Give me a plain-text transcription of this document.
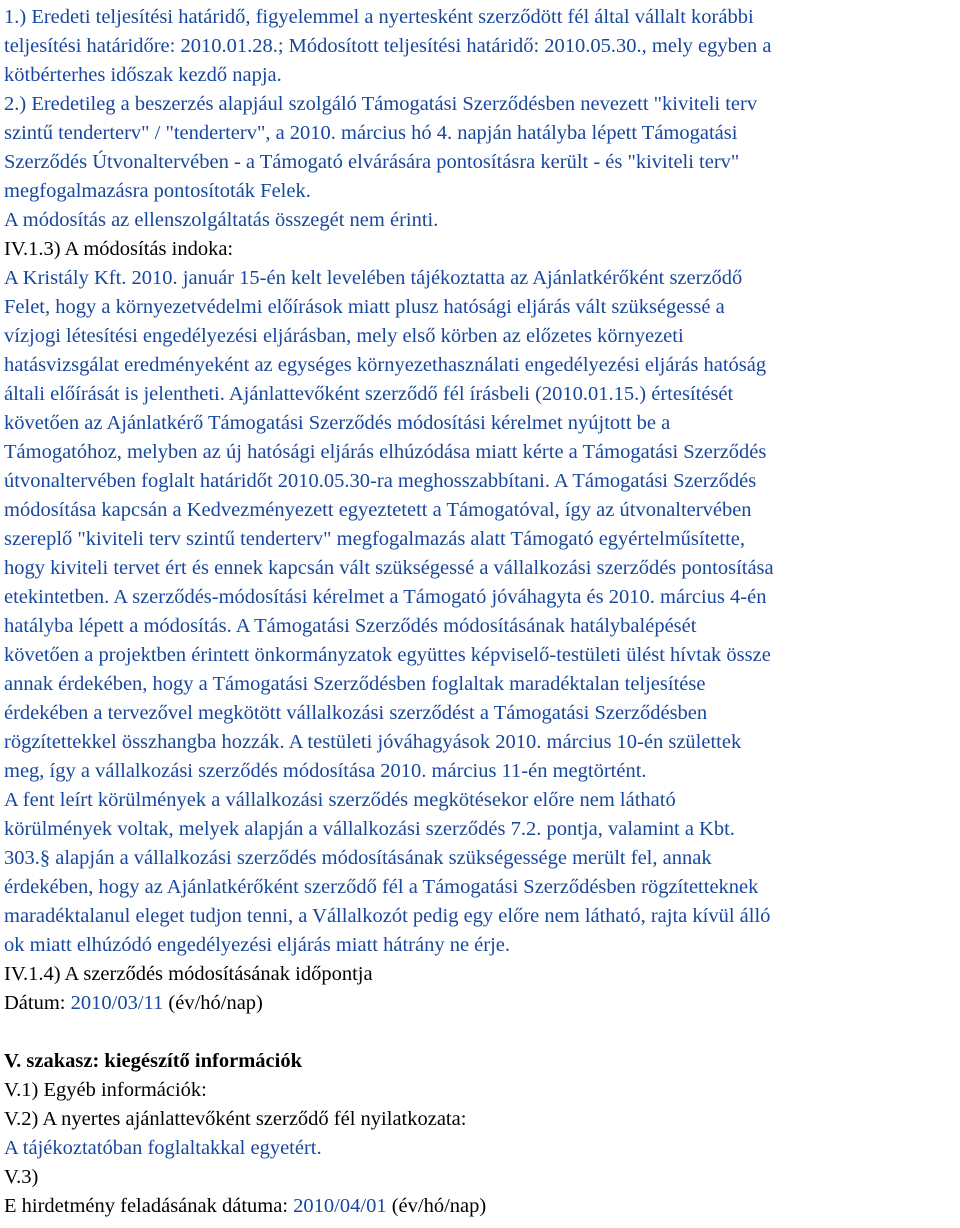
1.) Eredeti teljesítési határidő, figyelemmel a nyertesként szerződött fél által vállalt korábbi
teljesítési határidőre: 2010.01.28.; Módosított teljesítési határidő: 2010.05.30., mely egyben a
kötbérterhes időszak kezdő napja.
2.) Eredetileg a beszerzés alapjául szolgáló Támogatási Szerződésben nevezett "kiviteli terv
szintű tenderterv" / "tenderterv", a 2010. március hó 4. napján hatályba lépett Támogatási
Szerződés Útvonaltervében - a Támogató elvárására pontosításra került - és "kiviteli terv"
megfogalmazásra pontosítoták Felek.
A módosítás az ellenszolgáltatás összegét nem érinti.
IV.1.3) A módosítás indoka:
A Kristály Kft. 2010. január 15-én kelt levelében tájékoztatta az Ajánlatkérőként szerződő
Felet, hogy a környezetvédelmi előírások miatt plusz hatósági eljárás vált szükségessé a
vízjogi létesítési engedélyezési eljárásban, mely első körben az előzetes környezeti
hatásvizsgálat eredményeként az egységes környezethasználati engedélyezési eljárás hatóság
általi előírását is jelentheti. Ajánlattevőként szerződő fél írásbeli (2010.01.15.) értesítését
követően az Ajánlatkérő Támogatási Szerződés módosítási kérelmet nyújtott be a
Támogatóhoz, melyben az új hatósági eljárás elhúzódása miatt kérte a Támogatási Szerződés
útvonaltervében foglalt határidőt 2010.05.30-ra meghosszabbítani. A Támogatási Szerződés
módosítása kapcsán a Kedvezményezett egyeztetett a Támogatóval, így az útvonaltervében
szereplő "kiviteli terv szintű tenderterv" megfogalmazás alatt Támogató egyértelműsítette,
hogy kiviteli tervet ért és ennek kapcsán vált szükségessé a vállalkozási szerződés pontosítása
etekintetben. A szerződés-módosítási kérelmet a Támogató jóváhagyta és 2010. március 4-én
hatályba lépett a módosítás. A Támogatási Szerződés módosításának hatálybalépését
követően a projektben érintett önkormányzatok együttes képviselő-testületi ülést hívtak össze
annak érdekében, hogy a Támogatási Szerződésben foglaltak maradéktalan teljesítése
érdekében a tervezővel megkötött vállalkozási szerződést a Támogatási Szerződésben
rögzítettekkel összhangba hozzák. A testületi jóváhagyások 2010. március 10-én születtek
meg, így a vállalkozási szerződés módosítása 2010. március 11-én megtörtént.
A fent leírt körülmények a vállalkozási szerződés megkötésekor előre nem látható
körülmények voltak, melyek alapján a vállalkozási szerződés 7.2. pontja, valamint a Kbt.
303.§ alapján a vállalkozási szerződés módosításának szükségessége merült fel, annak
érdekében, hogy az Ajánlatkérőként szerződő fél a Támogatási Szerződésben rögzítetteknek
maradéktalanul eleget tudjon tenni, a Vállalkozót pedig egy előre nem látható, rajta kívül álló
ok miatt elhúzódó engedélyezési eljárás miatt hátrány ne érje.
IV.1.4) A szerződés módosításának időpontja
Dátum: 2010/03/11 (év/hó/nap)
V. szakasz: kiegészítő információk
V.1) Egyéb információk:
V.2) A nyertes ajánlattevőként szerződő fél nyilatkozata:
A tájékoztatóban foglaltakkal egyetért.
V.3)
E hirdetmény feladásának dátuma: 2010/04/01 (év/hó/nap)
